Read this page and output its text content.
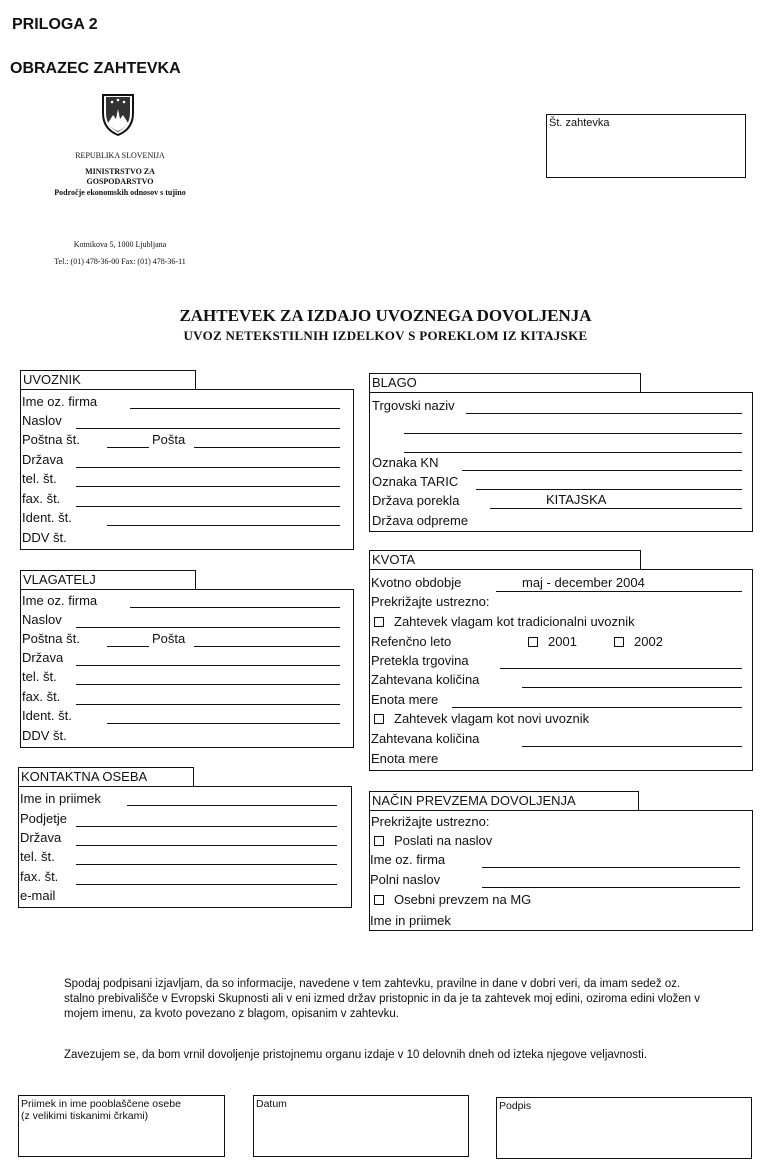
PRILOGA 2
OBRAZEC ZAHTEVKA
REPUBLIKA SLOVENIJA
MINISTRSTVO ZA
GOSPODARSTVO
Področje ekonomskih odnosov s tujino
Kotnikova 5, 1000 Ljubljana
Tel.: (01) 478-36-00 Fax: (01) 478-36-11
Št. zahtevka
ZAHTEVEK ZA IZDAJO UVOZNEGA DOVOLJENJA
UVOZ NETEKSTILNIH IZDELKOV S POREKLOM IZ KITAJSKE
UVOZNIK
Ime oz. firma
Naslov
Poštna št.	Pošta
Država
tel. št.
fax. št.
Ident. št.
DDV št.
VLAGATELJ
Ime oz. firma
Naslov
Poštna št.	Pošta
Država
tel. št.
fax. št.
Ident. št.
DDV št.
KONTAKTNA OSEBA
Ime in priimek
Podjetje
Država
tel. št.
fax. št.
e-mail
BLAGO
Trgovski naziv
Oznaka KN
Oznaka TARIC
Država porekla	KITAJSKA
Država odpreme
KVOTA
Kvotno obdobje	maj - december 2004
Prekrižajte ustrezno:
Zahtevek vlagam kot tradicionalni uvoznik
Refenčno leto	2001	2002
Pretekla trgovina
Zahtevana količina
Enota mere
Zahtevek vlagam kot novi uvoznik
Zahtevana količina
Enota mere
NAČIN PREVZEMA DOVOLJENJA
Prekrižajte ustrezno:
Poslati na naslov
Ime oz. firma
Polni naslov
Osebni prevzem na MG
Ime in priimek
Spodaj podpisani izjavljam, da so informacije, navedene v tem zahtevku, pravilne in dane v dobri veri, da imam sedež oz. stalno prebivališče v Evropski Skupnosti ali v eni izmed držav pristopnic in da je ta zahtevek moj edini, oziroma edini vložen v mojem imenu, za kvoto povezano z blagom, opisanim v zahtevku.
Zavezujem se, da bom vrnil dovoljenje pristojnemu organu izdaje v 10 delovnih dneh od izteka njegove veljavnosti.
Priimek in ime pooblaščene osebe
(z velikimi tiskanimi črkami)
Datum	Podpis
